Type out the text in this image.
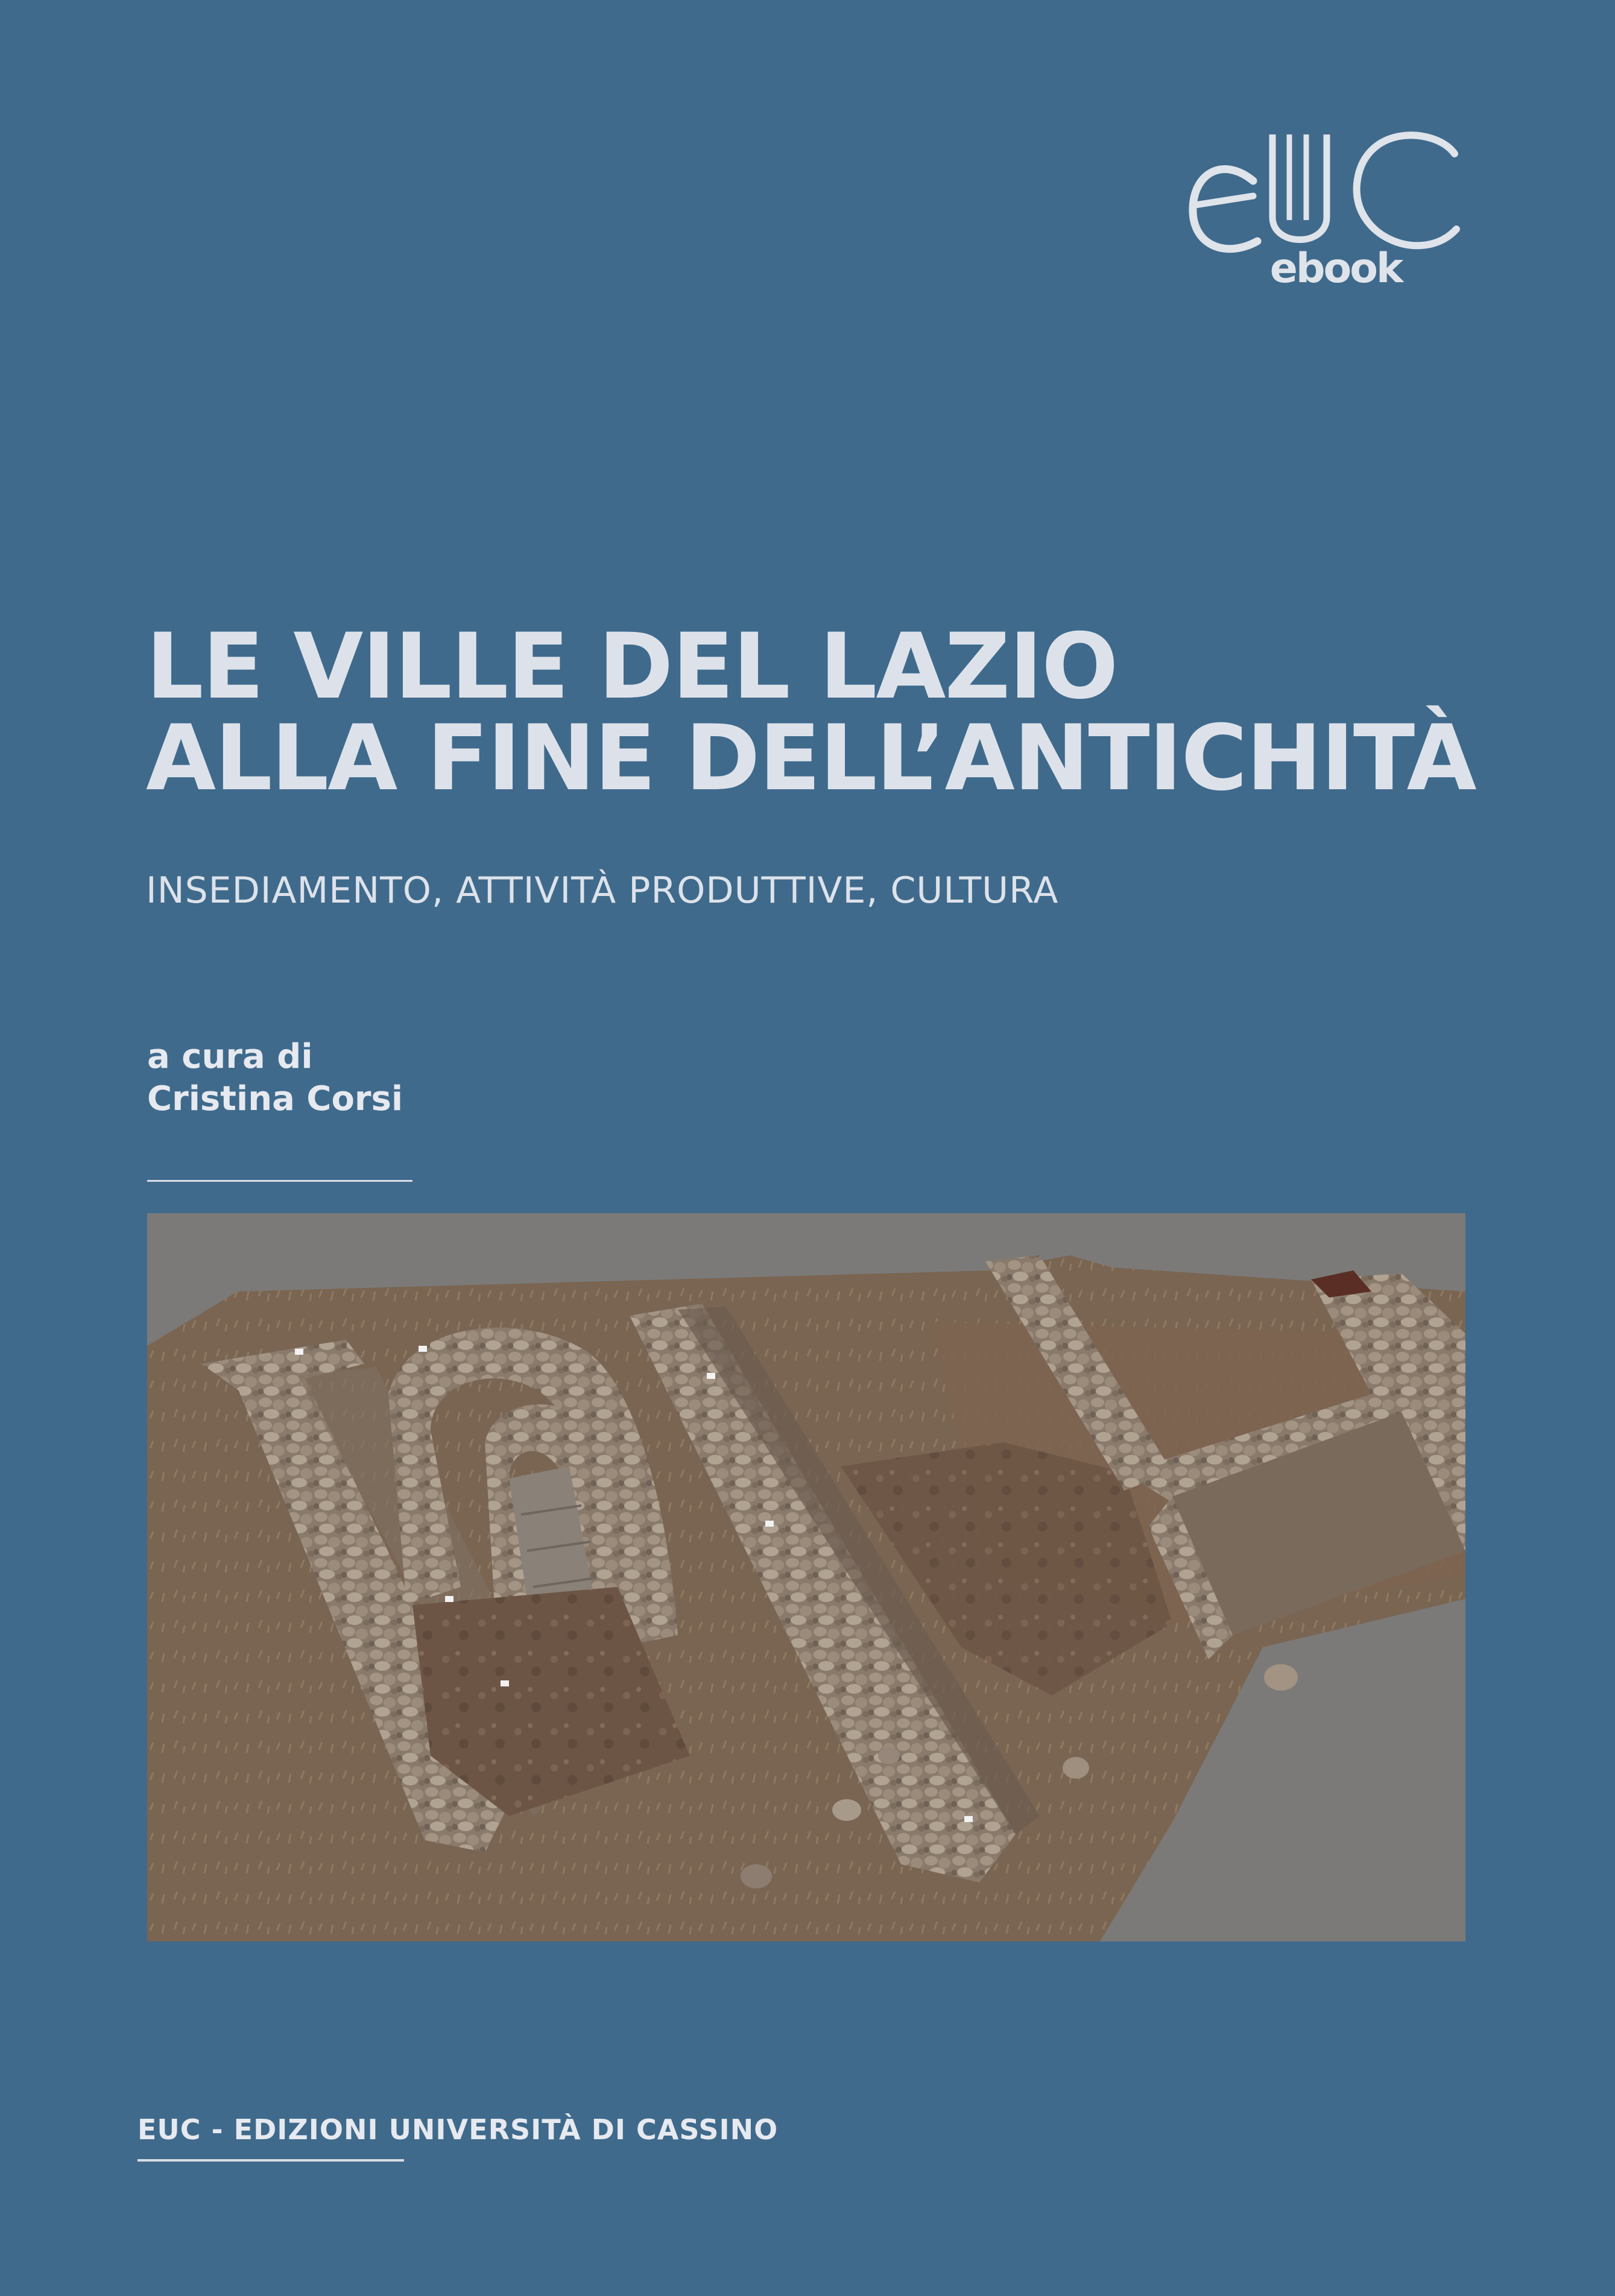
ebook
LE VILLE DEL LAZIO
ALLA FINE DELL’ANTICHITÀ
INSEDIAMENTO, ATTIVITÀ PRODUTTIVE, CULTURA
a cura di
Cristina Corsi
EUC - EDIZIONI UNIVERSITÀ DI CASSINO
